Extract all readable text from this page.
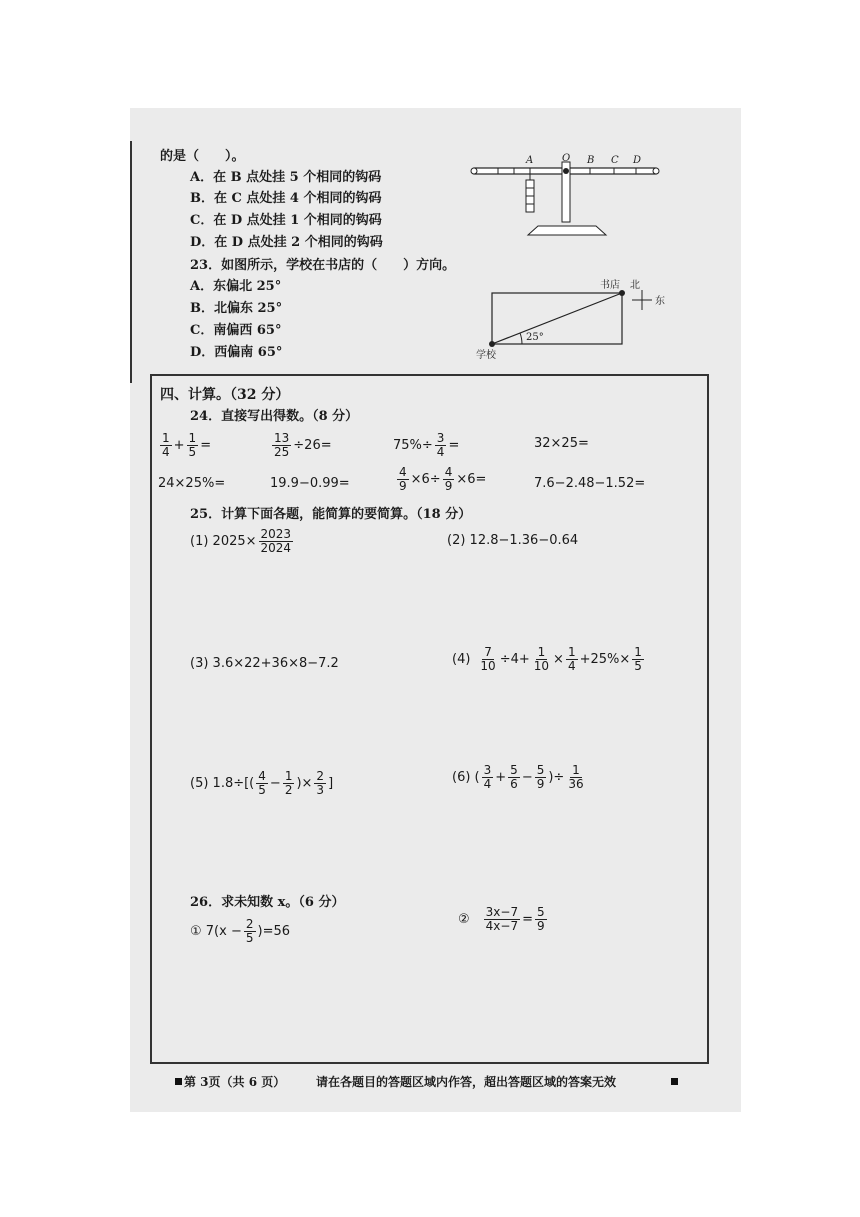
的是（　　）。
A．在 B 点处挂 5 个相同的钩码
B．在 C 点处挂 4 个相同的钩码
C．在 D 点处挂 1 个相同的钩码
D．在 D 点处挂 2 个相同的钩码
A	O B C D
23．如图所示，学校在书店的（　　）方向。
A．东偏北 25°
B．北偏东 25°
C．南偏西 65°
D．西偏南 65°
25°
书店 北
东
学校
四、计算。（32 分）
24．直接写出得数。（8 分）
$\frac{1}{4} + \frac{1}{5}$ =	$\frac{13}{25} \div 26=$	$75\%\div \frac{3}{4}$ =	32×25=
24×25%=	19.9−0.99=	$\frac{4}{9} \times 6\div \frac{4}{9} \times 6=$	7.6−2.48−1.52=
25．计算下面各题，能简算的要简算。（18 分）
(1) $2025\times \frac{2023}{2024}$	(2) 12.8−1.36−0.64
(3) 3.6×22+36×8−7.2	$(4) \frac{7}{10} \div 4+ \frac{1}{10} \times \frac{1}{4} +25\%\times \frac{1}{5}$
(5) $1.8\div[( \frac{4}{5} - \frac{1}{2}$ )× $\frac{2}{3}$ ]	(6) ( $\frac{3}{4} + \frac{5}{6} - \frac{5}{9}$ )÷ $\frac{1}{36}$
26．求未知数 x。（6 分）
① $7(x - \frac{2}{5} )=56$
② $\frac{3x-7}{4x-7} = \frac{5}{9}$
第 3页（共 6 页）	请在各题目的答题区域内作答，超出答题区域的答案无效
